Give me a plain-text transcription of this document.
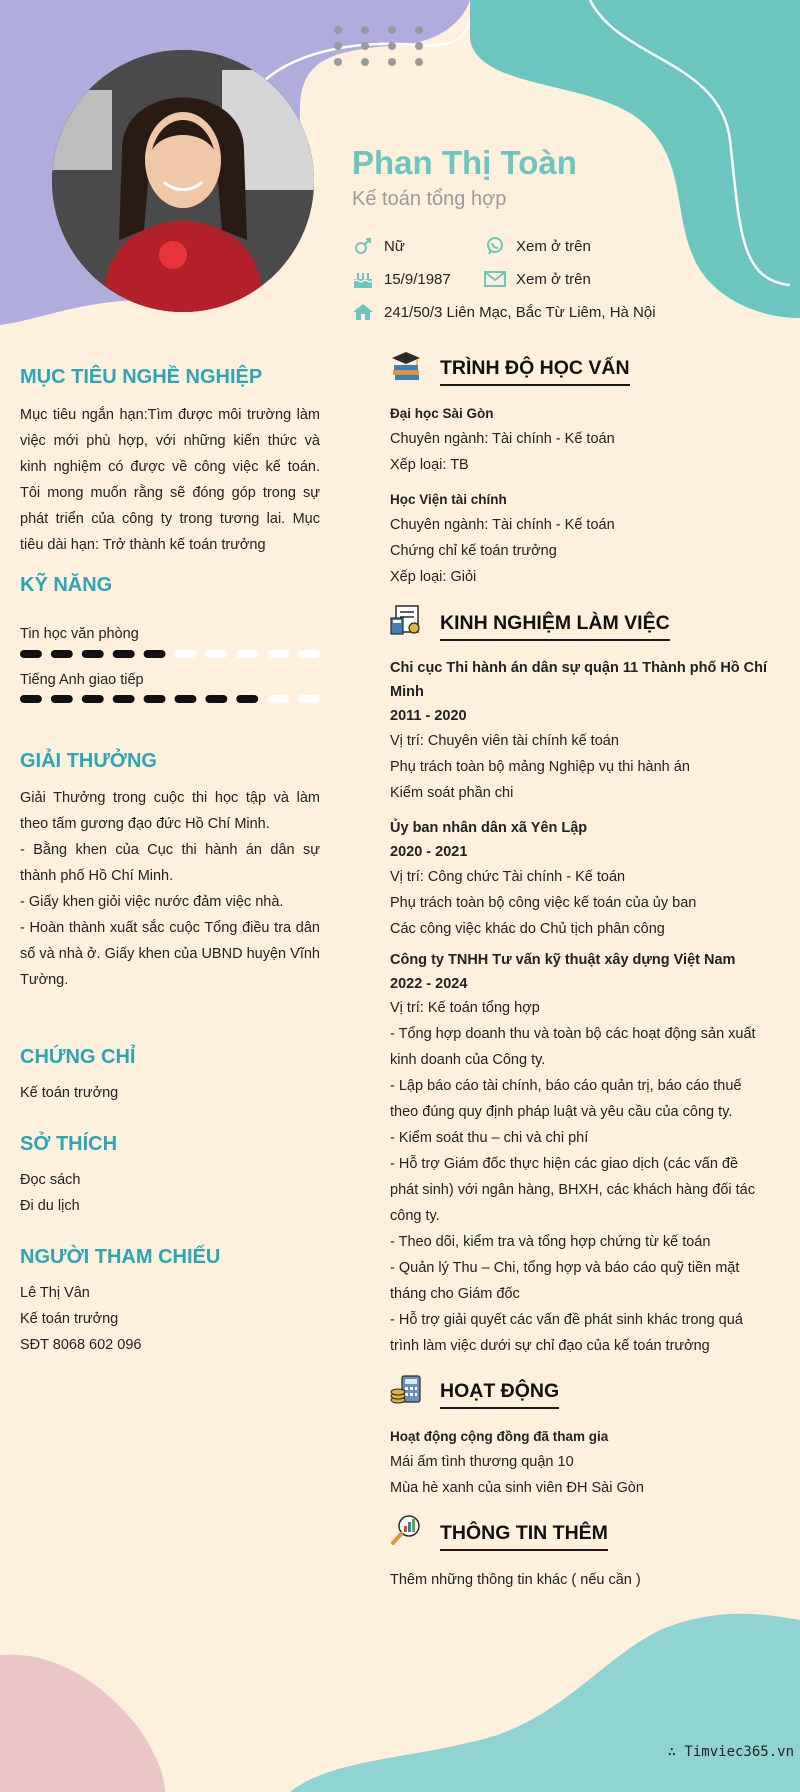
Phan Thị Toàn
Kế toán tổng hợp
Nữ	Xem ở trên
15/9/1987	Xem ở trên
241/50/3 Liên Mạc, Bắc Từ Liêm, Hà Nội
MỤC TIÊU NGHỀ NGHIỆP
Mục tiêu ngắn hạn:Tìm được môi trường làm việc mới phù hợp, với những kiến thức và kinh nghiệm có được về công việc kế toán. Tôi mong muốn rằng sẽ đóng góp trong sự phát triển của công ty trong tương lai. Mục tiêu dài hạn: Trở thành kế toán trưởng
KỸ NĂNG
Tin học văn phòng
Tiếng Anh giao tiếp
GIẢI THƯỞNG
Giải Thưởng trong cuộc thi học tập và làm theo tấm gương đạo đức Hồ Chí Minh.
- Bằng khen của Cục thi hành án dân sự thành phố Hồ Chí Minh.
- Giấy khen giỏi việc nước đảm việc nhà.
- Hoàn thành xuất sắc cuộc Tổng điều tra dân số và nhà ở. Giấy khen của UBND huyện Vĩnh Tường.
CHỨNG CHỈ
Kế toán trưởng
SỞ THÍCH
Đọc sách
Đi du lịch
NGƯỜI THAM CHIẾU
Lê Thị Vân
Kế toán trưởng
SĐT 8068 602 096
TRÌNH ĐỘ HỌC VẤN
Đại học Sài Gòn
Chuyên ngành: Tài chính - Kế toán
Xếp loại: TB
Học Viện tài chính
Chuyên ngành: Tài chính - Kế toán
Chứng chỉ kế toán trưởng
Xếp loại: Giỏi
KINH NGHIỆM LÀM VIỆC
Chi cục Thi hành án dân sự quận 11 Thành phố Hồ Chí Minh
2011 - 2020
Vị trí: Chuyên viên tài chính kế toán
Phụ trách toàn bộ mảng Nghiệp vụ thi hành án
Kiểm soát phần chi
Ủy ban nhân dân xã Yên Lập
2020 - 2021
Vị trí: Công chức Tài chính - Kế toán
Phụ trách toàn bộ công việc kế toán của ủy ban
Các công việc khác do Chủ tịch phân công
Công ty TNHH Tư vấn kỹ thuật xây dựng Việt Nam
2022 - 2024
Vị trí: Kế toán tổng hợp
- Tổng hợp doanh thu và toàn bộ các hoạt động sản xuất kinh doanh của Công ty.
- Lập báo cáo tài chính, báo cáo quản trị, báo cáo thuế theo đúng quy định pháp luật và yêu cầu của công ty.
- Kiểm soát thu – chi và chi phí
- Hỗ trợ Giám đốc thực hiện các giao dịch (các vấn đề phát sinh) với ngân hàng, BHXH, các khách hàng đối tác công ty.
- Theo dõi, kiểm tra và tổng hợp chứng từ kế toán
- Quản lý Thu – Chi, tổng hợp và báo cáo quỹ tiền mặt tháng cho Giám đốc
- Hỗ trợ giải quyết các vấn đề phát sinh khác trong quá trình làm việc dưới sự chỉ đạo của kế toán trưởng
HOẠT ĐỘNG
Hoạt động cộng đồng đã tham gia
Mái ấm tình thương quận 10
Mùa hè xanh của sinh viên ĐH Sài Gòn
THÔNG TIN THÊM
Thêm những thông tin khác ( nếu cần )
∴ Timviec365.vn
